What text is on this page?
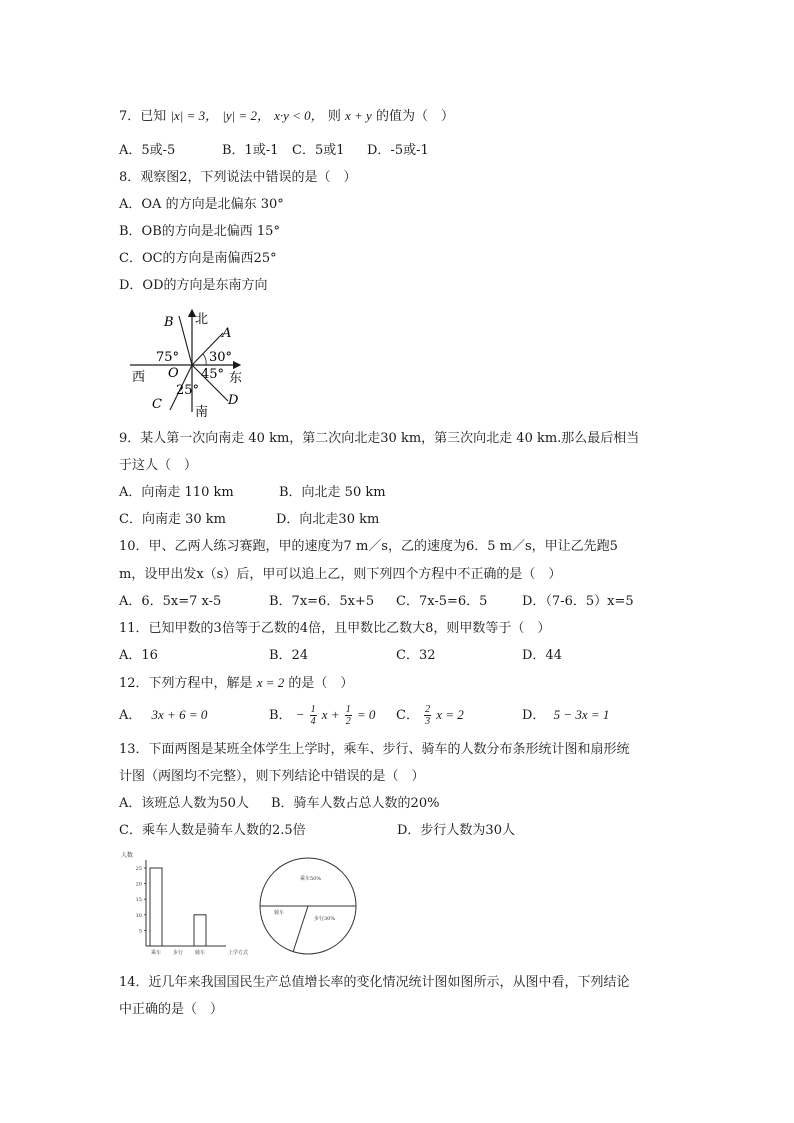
7．已知 |x| = 3， |y| = 2， x·y < 0， 则 x + y 的值为（　）
A．5或-5	B．1或-1 C．5或1 D．-5或-1
8．观察图2，下列说法中错误的是（　）
A．OA 的方向是北偏东 30°
B．OB的方向是北偏西 15°
C．OC的方向是南偏西25°
D．OD的方向是东南方向
北
南
东
西 O
A
B
C	D
75° 30°
45°
25°
9．某人第一次向南走 40 km，第二次向北走30 km，第三次向北走 40 km.那么最后相当
于这人（　）
A．向南走 110 km	B．向北走 50 km
C．向南走 30 km	D．向北走30 km
10．甲、乙两人练习赛跑，甲的速度为7 m／s，乙的速度为6．5 m／s，甲让乙先跑5
m，设甲出发x（s）后，甲可以追上乙，则下列四个方程中不正确的是（　）
A．6．5x=7 x-5	B．7x=6．5x+5 C．7x-5=6．5	D．（7-6．5）x=5
11．已知甲数的3倍等于乙数的4倍，且甲数比乙数大8，则甲数等于（　）
A．16	B．24	C．32	D．44
12．下列方程中，解是 x = 2 的是（　）
A． 3x + 6 = 0	B． − $\frac{1}{4}$ $x + \frac{1}{2} = 0$ C． $\frac{2}{3}$ x = 2	D． 5 − 3x = 1
13．下面两图是某班全体学生上学时，乘车、步行、骑车的人数分布条形统计图和扇形统
计图（两图均不完整），则下列结论中错误的是（　）
A．该班总人数为50人 B．骑车人数占总人数的20%
C．乘车人数是骑车人数的2.5倍	D．步行人数为30人
人数
上学方式
5
10
15
20
25
乘车 步行 骑车
乘车50%
骑车
步行30%
14．近几年来我国国民生产总值增长率的变化情况统计图如图所示，从图中看，下列结论
中正确的是（　）
